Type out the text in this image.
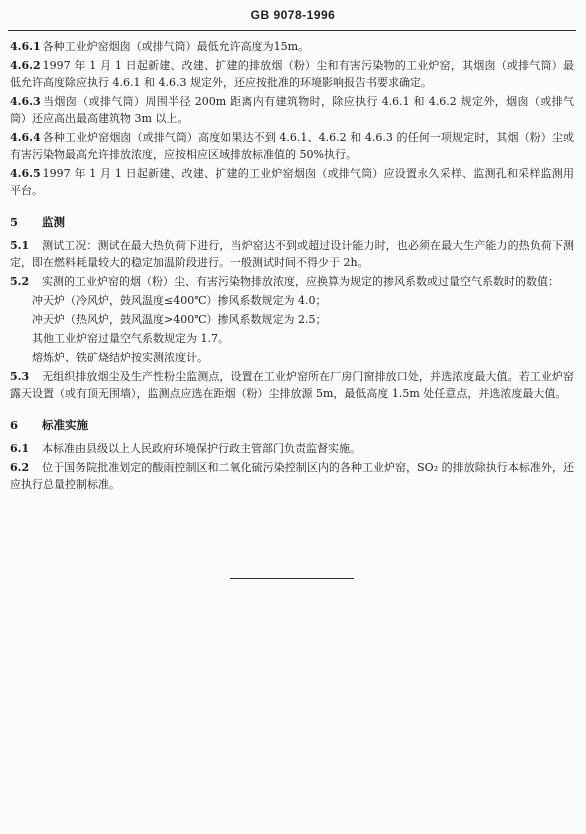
GB 9078-1996
4.6.1 各种工业炉窑烟囱（或排气筒）最低允许高度为15m。
4.6.2 1997 年 1 月 1 日起新建、改建、扩建的排放烟（粉）尘和有害污染物的工业炉窑，其烟囱（或排气筒）最低允许高度除应执行 4.6.1 和 4.6.3 规定外，还应按批准的环境影响报告书要求确定。
4.6.3 当烟囱（或排气筒）周围半径 200m 距离内有建筑物时，除应执行 4.6.1 和 4.6.2 规定外，烟囱（或排气筒）还应高出最高建筑物 3m 以上。
4.6.4 各种工业炉窑烟囱（或排气筒）高度如果达不到 4.6.1、4.6.2 和 4.6.3 的任何一项规定时，其烟（粉）尘或有害污染物最高允许排放浓度，应按相应区域排放标准值的 50%执行。
4.6.5 1997 年 1 月 1 日起新建、改建、扩建的工业炉窑烟囱（或排气筒）应设置永久采样、监测孔和采样监测用平台。
5 监测
5.1 测试工况：测试在最大热负荷下进行，当炉窑达不到或超过设计能力时，也必须在最大生产能力的热负荷下测定，即在燃料耗量较大的稳定加温阶段进行。一般测试时间不得少于 2h。
5.2 实测的工业炉窑的烟（粉）尘、有害污染物排放浓度，应换算为规定的掺风系数或过量空气系数时的数值：
冲天炉（冷风炉，鼓风温度≤400℃）掺风系数规定为 4.0；
冲天炉（热风炉，鼓风温度>400℃）掺风系数规定为 2.5；
其他工业炉窑过量空气系数规定为 1.7。
熔炼炉、铁矿烧结炉按实测浓度计。
5.3 无组织排放烟尘及生产性粉尘监测点，设置在工业炉窑所在厂房门窗排放口处，并选浓度最大值。若工业炉窑露天设置（或有顶无围墙），监测点应选在距烟（粉）尘排放源 5m，最低高度 1.5m 处任意点，并选浓度最大值。
6 标准实施
6.1 本标准由县级以上人民政府环境保护行政主管部门负责监督实施。
6.2 位于国务院批准划定的酸雨控制区和二氧化硫污染控制区内的各种工业炉窑，SO₂ 的排放除执行本标准外，还应执行总量控制标准。
